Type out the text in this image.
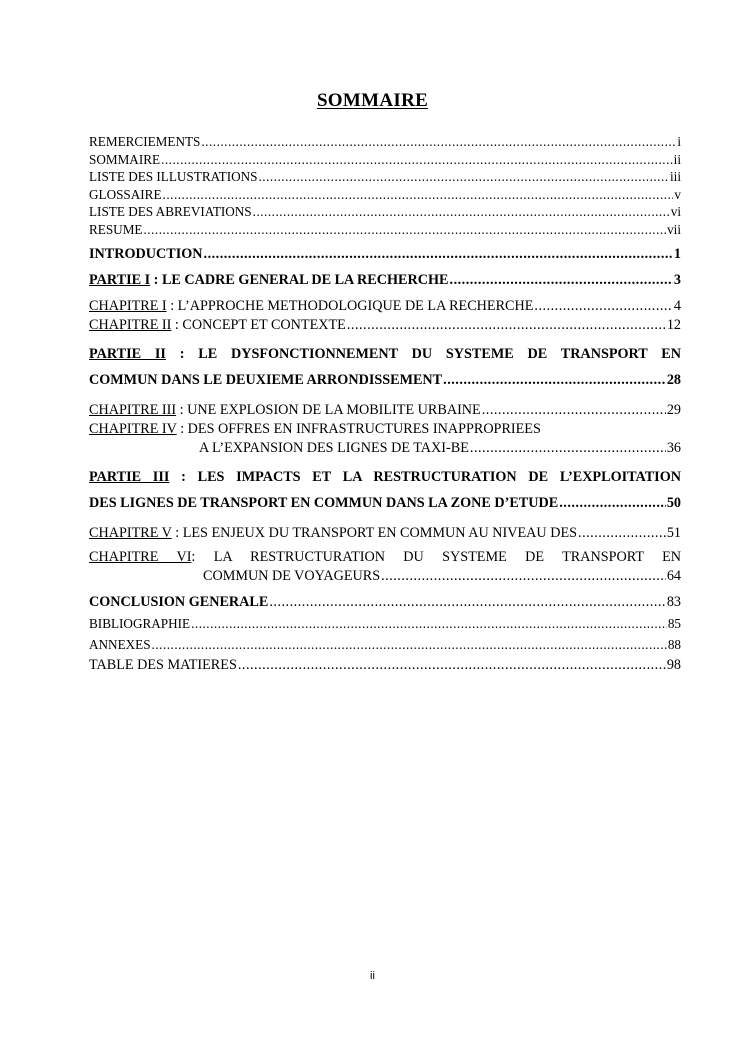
SOMMAIRE
REMERCIEMENTS .....	i
SOMMAIRE .....	ii
LISTE DES ILLUSTRATIONS .....	iii
GLOSSAIRE .....	v
LISTE DES ABREVIATIONS .....	vi
RESUME .....	vii
INTRODUCTION .....	1
PARTIE I : LE CADRE GENERAL DE LA RECHERCHE .....	3
CHAPITRE I : L’APPROCHE METHODOLOGIQUE DE LA RECHERCHE .....	4
CHAPITRE II : CONCEPT ET CONTEXTE .....	12
PARTIE II : LE DYSFONCTIONNEMENT DU SYSTEME DE TRANSPORT EN
COMMUN DANS LE DEUXIEME ARRONDISSEMENT .....	28
CHAPITRE III : UNE EXPLOSION DE LA MOBILITE URBAINE .....	29
CHAPITRE IV : DES OFFRES EN INFRASTRUCTURES INAPPROPRIEES
A L’EXPANSION DES LIGNES DE TAXI-BE .....	36
PARTIE III : LES IMPACTS ET LA RESTRUCTURATION DE L’EXPLOITATION
DES LIGNES DE TRANSPORT EN COMMUN DANS LA ZONE D’ETUDE .....	50
CHAPITRE V : LES ENJEUX DU TRANSPORT EN COMMUN AU NIVEAU DES .....	51
CHAPITRE VI: LA RESTRUCTURATION DU SYSTEME DE TRANSPORT EN
COMMUN DE VOYAGEURS .....	64
CONCLUSION GENERALE .....	83
BIBLIOGRAPHIE .....	85
ANNEXES .....	88
TABLE DES MATIERES .....	98
ii
